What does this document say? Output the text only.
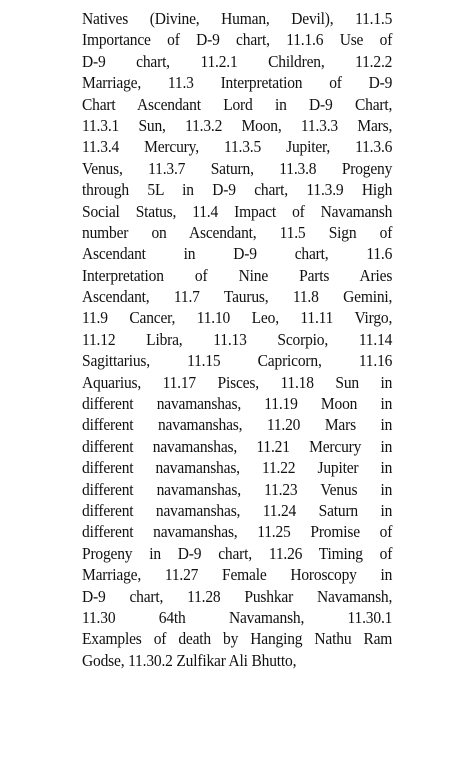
Natives (Divine, Human, Devil), 11.1.5
Importance of D-9 chart, 11.1.6 Use of
D-9 chart, 11.2.1 Children, 11.2.2
Marriage, 11.3 Interpretation of D-9
Chart Ascendant Lord in D-9 Chart,
11.3.1 Sun, 11.3.2 Moon, 11.3.3 Mars,
11.3.4 Mercury, 11.3.5 Jupiter, 11.3.6
Venus, 11.3.7 Saturn, 11.3.8 Progeny
through 5L in D-9 chart, 11.3.9 High
Social Status, 11.4 Impact of Navamansh
number on Ascendant, 11.5 Sign of
Ascendant in D-9 chart, 11.6
Interpretation of Nine Parts Aries
Ascendant, 11.7 Taurus, 11.8 Gemini,
11.9 Cancer, 11.10 Leo, 11.11 Virgo,
11.12 Libra, 11.13 Scorpio, 11.14
Sagittarius, 11.15 Capricorn, 11.16
Aquarius, 11.17 Pisces, 11.18 Sun in
different navamanshas, 11.19 Moon in
different navamanshas, 11.20 Mars in
different navamanshas, 11.21 Mercury in
different navamanshas, 11.22 Jupiter in
different navamanshas, 11.23 Venus in
different navamanshas, 11.24 Saturn in
different navamanshas, 11.25 Promise of
Progeny in D-9 chart, 11.26 Timing of
Marriage, 11.27 Female Horoscopy in
D-9 chart, 11.28 Pushkar Navamansh,
11.30 64th Navamansh, 11.30.1
Examples of death by Hanging Nathu Ram
Godse, 11.30.2 Zulfikar Ali Bhutto,
